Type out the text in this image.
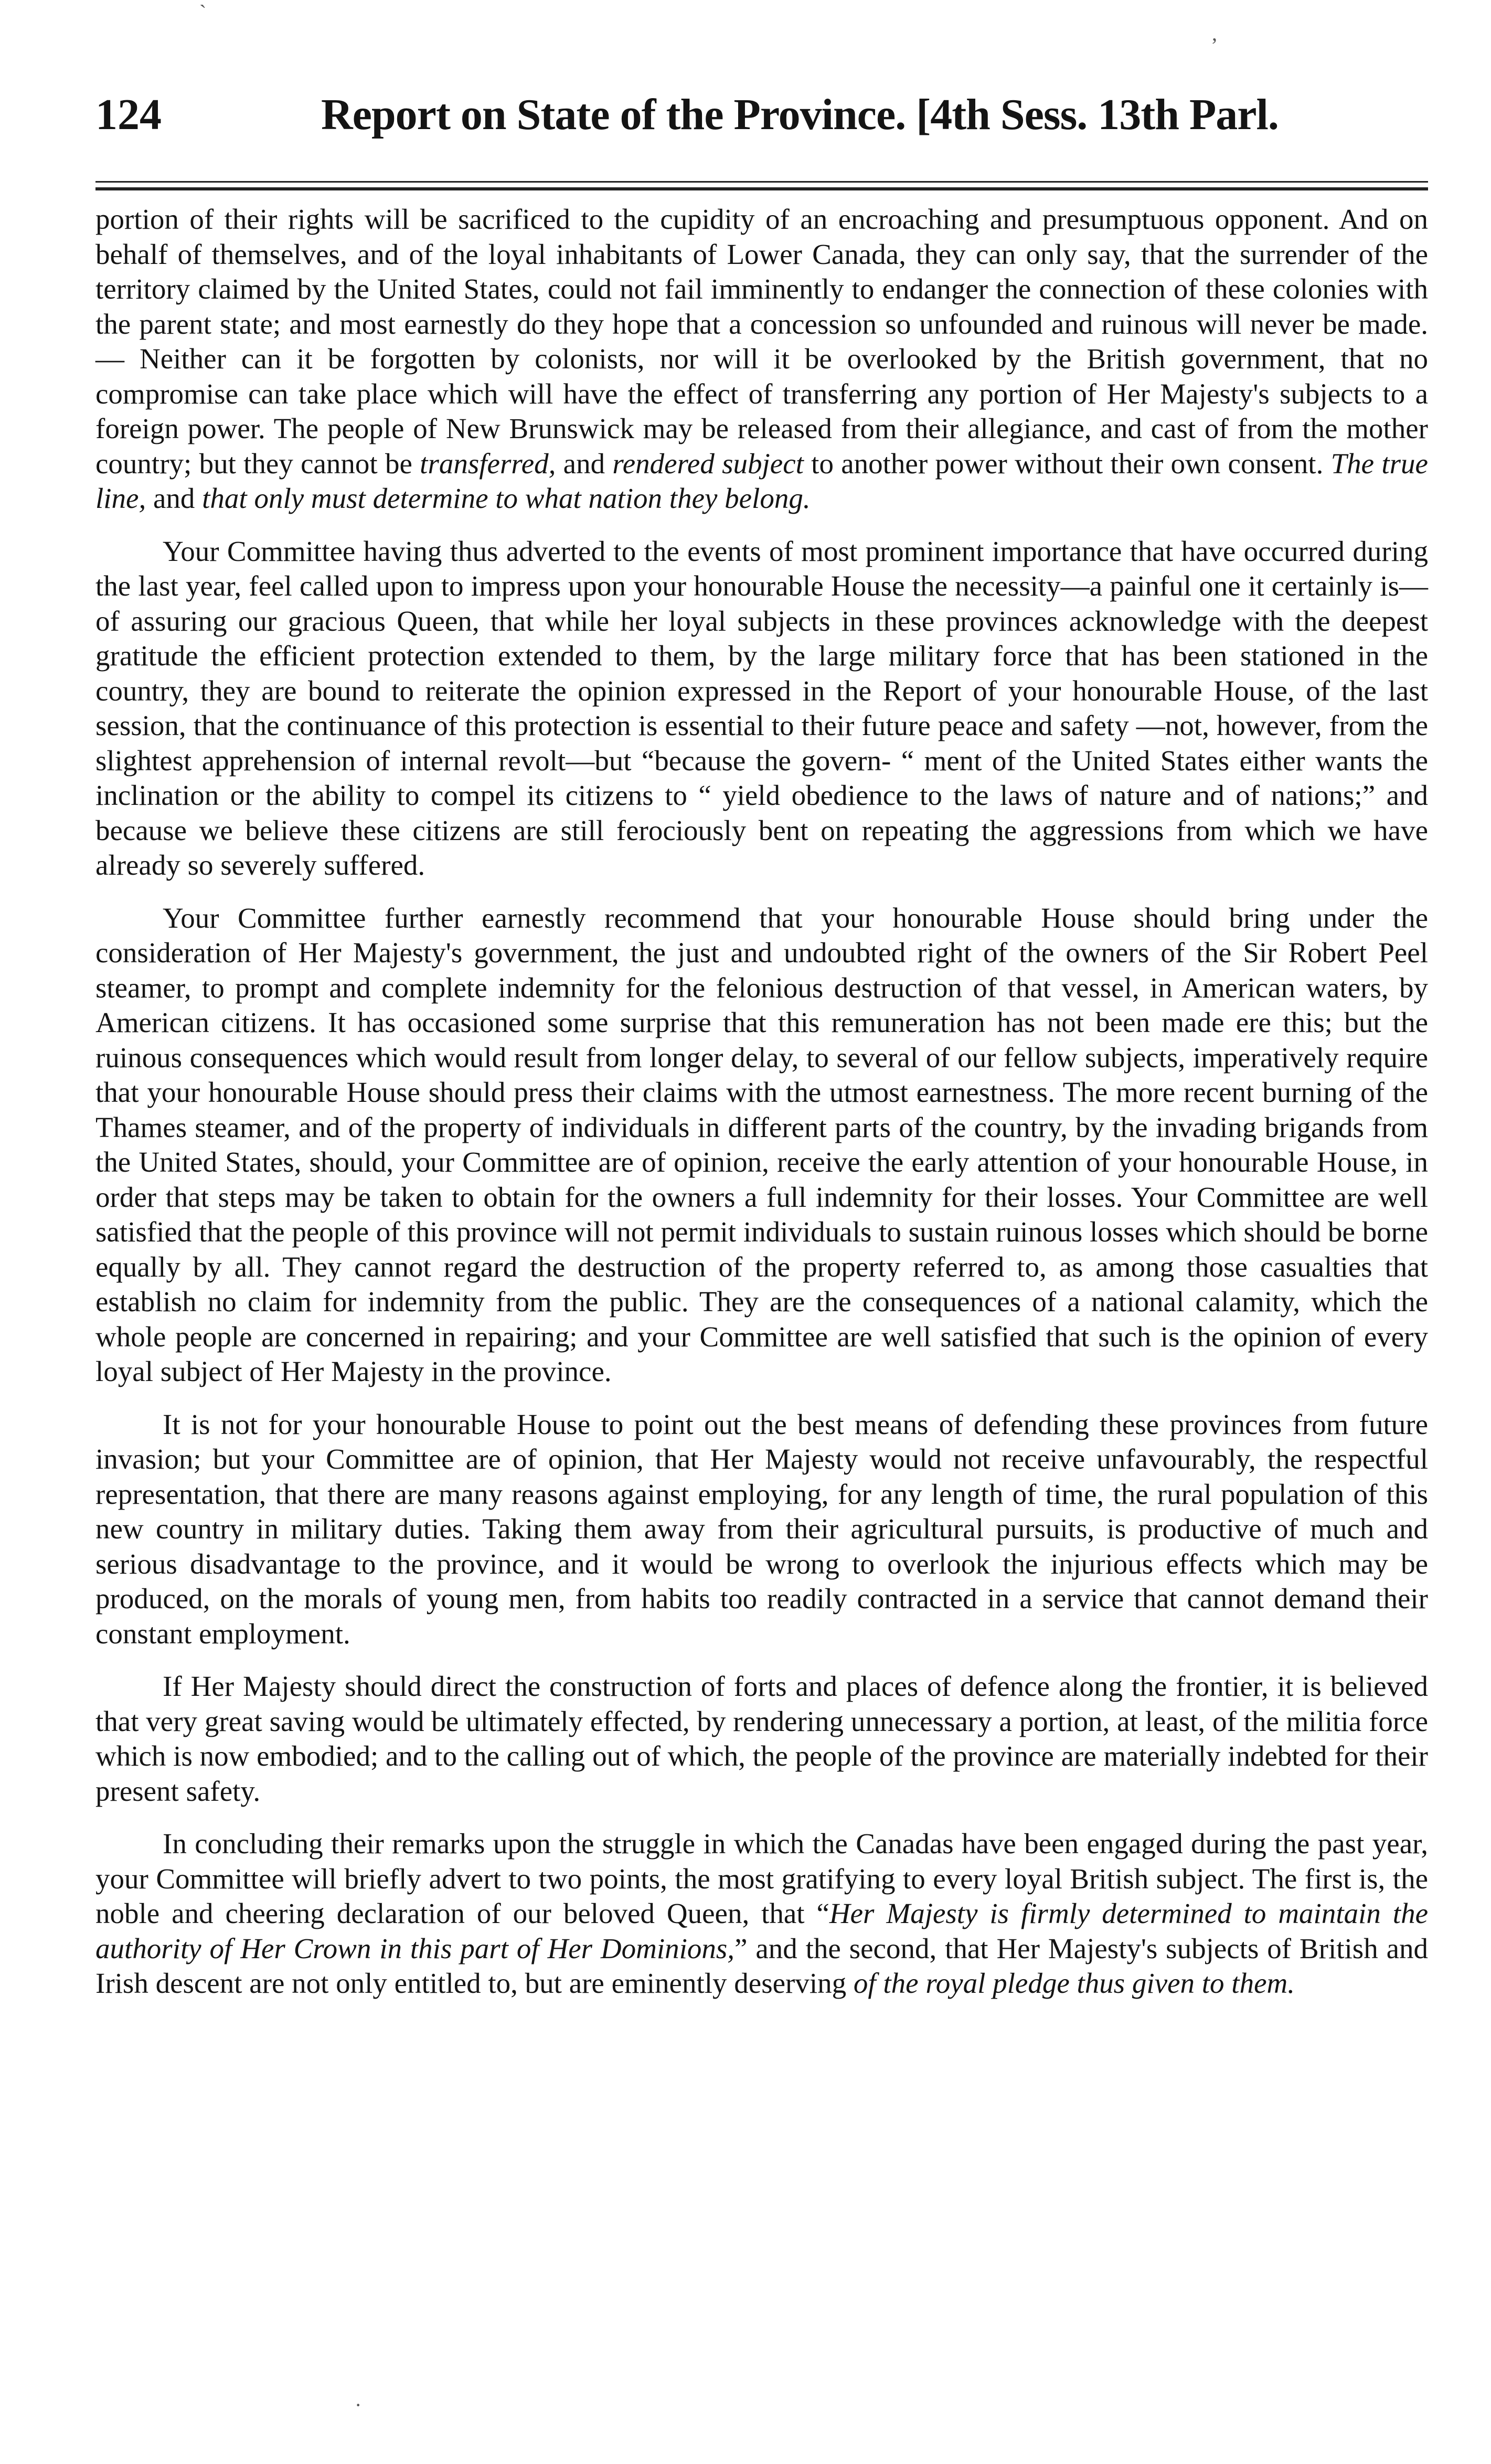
`
,
124	Report on State of the Province. [4th Sess. 13th Parl.

portion of their rights will be sacrificed to the cupidity of an encroaching and presumptuous opponent. And on behalf of themselves, and of the loyal inhabitants of Lower Canada, they can only say, that the surrender of the territory claimed by the United States, could not fail imminently to endanger the connection of these colonies with the parent state; and most earnestly do they hope that a concession so unfounded and ruinous will never be made.— Neither can it be forgotten by colonists, nor will it be overlooked by the British government, that no compromise can take place which will have the effect of transferring any portion of Her Majesty's subjects to a foreign power. The people of New Brunswick may be released from their allegiance, and cast of from the mother country; but they cannot be transferred, and rendered subject to another power without their own consent. The true line, and that only must determine to what nation they belong.

Your Committee having thus adverted to the events of most prominent importance that have occurred during the last year, feel called upon to impress upon your honourable House the necessity—a painful one it certainly is—of assuring our gracious Queen, that while her loyal subjects in these provinces acknowledge with the deepest gratitude the efficient protection extended to them, by the large military force that has been stationed in the country, they are bound to reiterate the opinion expressed in the Report of your honourable House, of the last session, that the continuance of this protection is essential to their future peace and safety —not, however, from the slightest apprehension of internal revolt—but “because the govern- “ ment of the United States either wants the inclination or the ability to compel its citizens to “ yield obedience to the laws of nature and of nations;” and because we believe these citizens are still ferociously bent on repeating the aggressions from which we have already so severely suffered.

Your Committee further earnestly recommend that your honourable House should bring under the consideration of Her Majesty's government, the just and undoubted right of the owners of the Sir Robert Peel steamer, to prompt and complete indemnity for the felonious destruction of that vessel, in American waters, by American citizens. It has occasioned some surprise that this remuneration has not been made ere this; but the ruinous consequences which would result from longer delay, to several of our fellow subjects, imperatively require that your honourable House should press their claims with the utmost earnestness. The more recent burning of the Thames steamer, and of the property of individuals in different parts of the country, by the invading brigands from the United States, should, your Committee are of opinion, receive the early attention of your honourable House, in order that steps may be taken to obtain for the owners a full indemnity for their losses. Your Committee are well satisfied that the people of this province will not permit individuals to sustain ruinous losses which should be borne equally by all. They cannot regard the destruction of the property referred to, as among those casualties that establish no claim for indemnity from the public. They are the consequences of a national calamity, which the whole people are concerned in repairing; and your Committee are well satisfied that such is the opinion of every loyal subject of Her Majesty in the province.

It is not for your honourable House to point out the best means of defending these provinces from future invasion; but your Committee are of opinion, that Her Majesty would not receive unfavourably, the respectful representation, that there are many reasons against employing, for any length of time, the rural population of this new country in military duties. Taking them away from their agricultural pursuits, is productive of much and serious disadvantage to the province, and it would be wrong to overlook the injurious effects which may be produced, on the morals of young men, from habits too readily contracted in a service that cannot demand their constant employment.

If Her Majesty should direct the construction of forts and places of defence along the frontier, it is believed that very great saving would be ultimately effected, by rendering unnecessary a portion, at least, of the militia force which is now embodied; and to the calling out of which, the people of the province are materially indebted for their present safety.

In concluding their remarks upon the struggle in which the Canadas have been engaged during the past year, your Committee will briefly advert to two points, the most gratifying to every loyal British subject. The first is, the noble and cheering declaration of our beloved Queen, that “Her Majesty is firmly determined to maintain the authority of Her Crown in this part of Her Dominions,” and the second, that Her Majesty's subjects of British and Irish descent are not only entitled to, but are eminently deserving of the royal pledge thus given to them.

·
